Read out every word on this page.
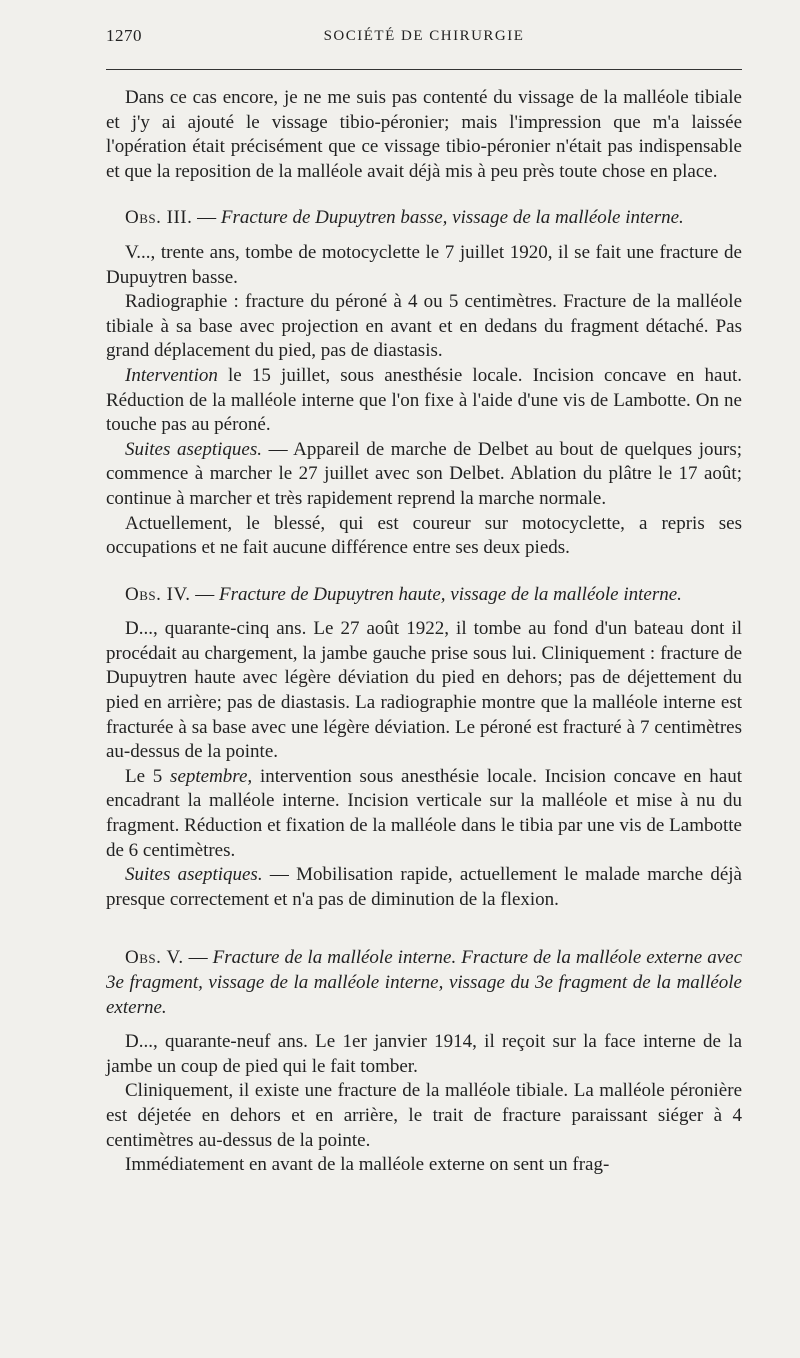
1270	SOCIÉTÉ DE CHIRURGIE

Dans ce cas encore, je ne me suis pas contenté du vissage de la malléole tibiale et j'y ai ajouté le vissage tibio-péronier; mais l'impression que m'a laissée l'opération était précisément que ce vissage tibio-péronier n'était pas indispensable et que la reposition de la malléole avait déjà mis à peu près toute chose en place.

Obs. III. — Fracture de Dupuytren basse, vissage de la malléole interne.

V..., trente ans, tombe de motocyclette le 7 juillet 1920, il se fait une fracture de Dupuytren basse.

Radiographie : fracture du péroné à 4 ou 5 centimètres. Fracture de la malléole tibiale à sa base avec projection en avant et en dedans du fragment détaché. Pas grand déplacement du pied, pas de diastasis.

Intervention le 15 juillet, sous anesthésie locale. Incision concave en haut. Réduction de la malléole interne que l'on fixe à l'aide d'une vis de Lambotte. On ne touche pas au péroné.

Suites aseptiques. — Appareil de marche de Delbet au bout de quelques jours; commence à marcher le 27 juillet avec son Delbet. Ablation du plâtre le 17 août; continue à marcher et très rapidement reprend la marche normale.

Actuellement, le blessé, qui est coureur sur motocyclette, a repris ses occupations et ne fait aucune différence entre ses deux pieds.

Obs. IV. — Fracture de Dupuytren haute, vissage de la malléole interne.

D..., quarante-cinq ans. Le 27 août 1922, il tombe au fond d'un bateau dont il procédait au chargement, la jambe gauche prise sous lui. Cliniquement : fracture de Dupuytren haute avec légère déviation du pied en dehors; pas de déjettement du pied en arrière; pas de diastasis. La radiographie montre que la malléole interne est fracturée à sa base avec une légère déviation. Le péroné est fracturé à 7 centimètres au-dessus de la pointe.

Le 5 septembre, intervention sous anesthésie locale. Incision concave en haut encadrant la malléole interne. Incision verticale sur la malléole et mise à nu du fragment. Réduction et fixation de la malléole dans le tibia par une vis de Lambotte de 6 centimètres.

Suites aseptiques. — Mobilisation rapide, actuellement le malade marche déjà presque correctement et n'a pas de diminution de la flexion.

Obs. V. — Fracture de la malléole interne. Fracture de la malléole externe avec 3e fragment, vissage de la malléole interne, vissage du 3e fragment de la malléole externe.

D..., quarante-neuf ans. Le 1er janvier 1914, il reçoit sur la face interne de la jambe un coup de pied qui le fait tomber.

Cliniquement, il existe une fracture de la malléole tibiale. La malléole péronière est déjetée en dehors et en arrière, le trait de fracture paraissant siéger à 4 centimètres au-dessus de la pointe.

Immédiatement en avant de la malléole externe on sent un frag-
